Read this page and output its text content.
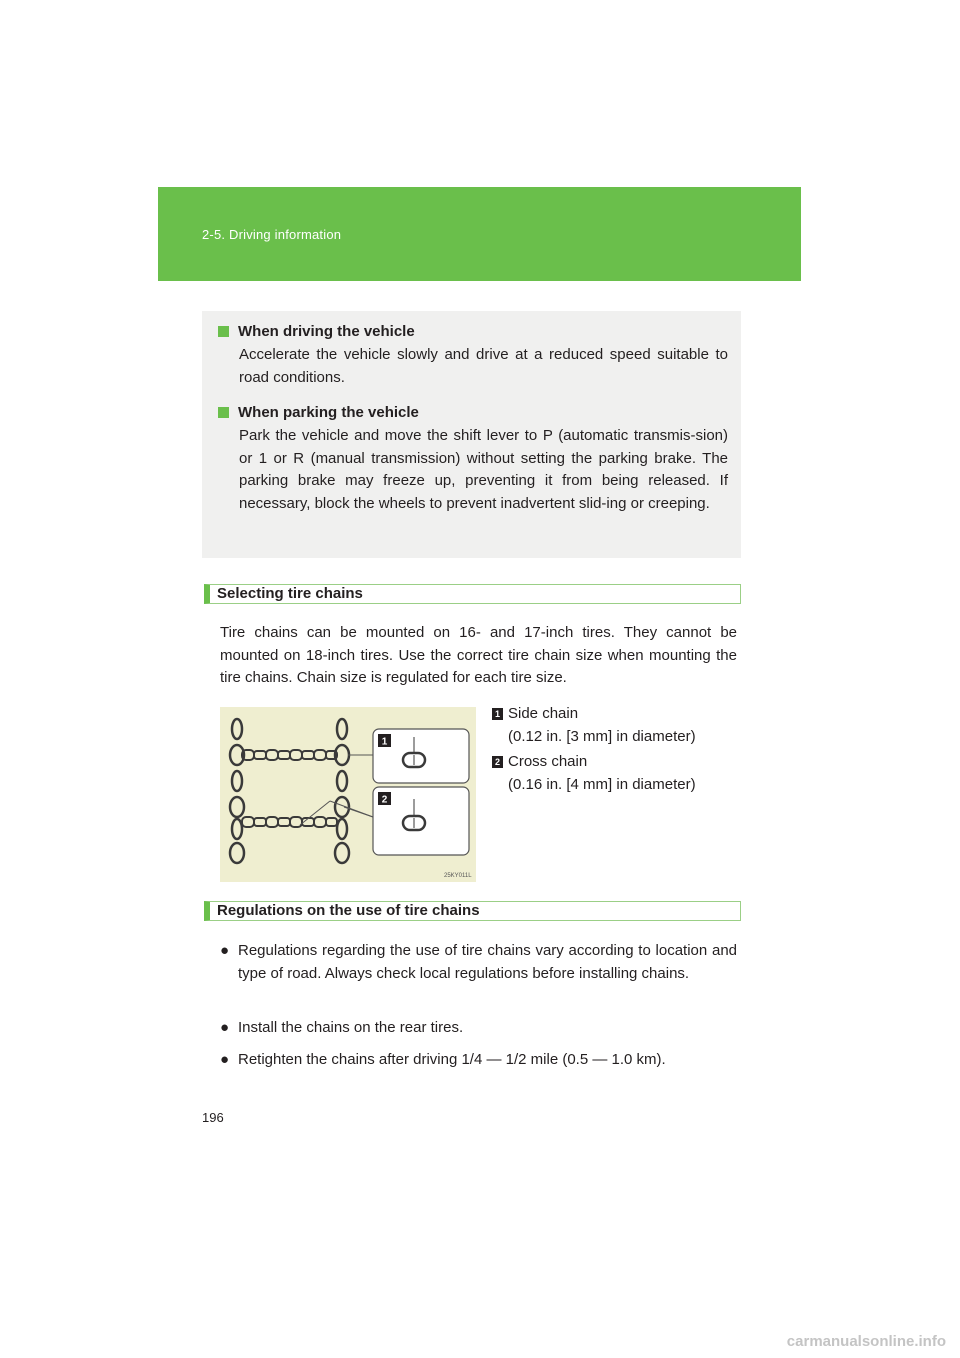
2-5. Driving information
When driving the vehicle
Accelerate the vehicle slowly and drive at a reduced speed suitable to road conditions.
When parking the vehicle
Park the vehicle and move the shift lever to P (automatic transmis-sion) or 1 or R (manual transmission) without setting the parking brake. The parking brake may freeze up, preventing it from being released. If necessary, block the wheels to prevent inadvertent slid-ing or creeping.
Selecting tire chains
Tire chains can be mounted on 16- and 17-inch tires. They cannot be mounted on 18-inch tires. Use the correct tire chain size when mounting the tire chains. Chain size is regulated for each tire size.
1
2
25KY011L
1 Side chain
(0.12 in. [3 mm] in diameter)
2 Cross chain
(0.16 in. [4 mm] in diameter)
Regulations on the use of tire chains
● Regulations regarding the use of tire chains vary according to location and type of road. Always check local regulations before installing chains.
● Install the chains on the rear tires.
● Retighten the chains after driving 1/4 — 1/2 mile (0.5 — 1.0 km).
196
carmanualsonline.info
